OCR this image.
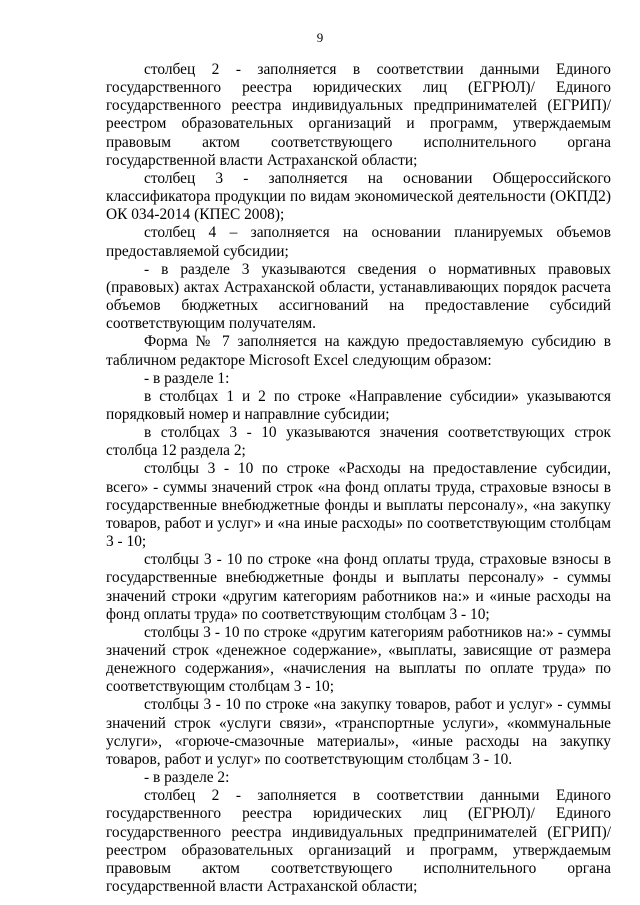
9

столбец 2 - заполняется в соответствии данными Единого государственного реестра юридических лиц (ЕГРЮЛ)/ Единого государственного реестра индивидуальных предпринимателей (ЕГРИП)/ реестром образовательных организаций и программ, утверждаемым правовым актом соответствующего исполнительного органа государственной власти Астраханской области;

столбец 3 - заполняется на основании Общероссийского классификатора продукции по видам экономической деятельности (ОКПД2) ОК 034-2014 (КПЕС 2008);

столбец 4 – заполняется на основании планируемых объемов предоставляемой субсидии;

- в разделе 3 указываются сведения о нормативных правовых (правовых) актах Астраханской области, устанавливающих порядок расчета объемов бюджетных ассигнований на предоставление субсидий соответствующим получателям.

Форма № 7 заполняется на каждую предоставляемую субсидию в табличном редакторе Microsoft Excel следующим образом:

- в разделе 1:

в столбцах 1 и 2 по строке «Направление субсидии» указываются порядковый номер и направлние субсидии;

в столбцах 3 - 10 указываются значения соответствующих строк столбца 12 раздела 2;

столбцы 3 - 10 по строке «Расходы на предоставление субсидии, всего» - суммы значений строк «на фонд оплаты труда, страховые взносы в государственные внебюджетные фонды и выплаты персоналу», «на закупку товаров, работ и услуг» и «на иные расходы» по соответствующим столбцам 3 - 10;

столбцы 3 - 10 по строке «на фонд оплаты труда, страховые взносы в государственные внебюджетные фонды и выплаты персоналу» - суммы значений строки «другим категориям работников на:» и «иные расходы на фонд оплаты труда» по соответствующим столбцам 3 - 10;

столбцы 3 - 10 по строке «другим категориям работников на:» - суммы значений строк «денежное содержание», «выплаты, зависящие от размера денежного содержания», «начисления на выплаты по оплате труда» по соответствующим столбцам 3 - 10;

столбцы 3 - 10 по строке «на закупку товаров, работ и услуг» - суммы значений строк «услуги связи», «транспортные услуги», «коммунальные услуги», «горюче-смазочные материалы», «иные расходы на закупку товаров, работ и услуг» по соответствующим столбцам 3 - 10.

- в разделе 2:

столбец 2 - заполняется в соответствии данными Единого государственного реестра юридических лиц (ЕГРЮЛ)/ Единого государственного реестра индивидуальных предпринимателей (ЕГРИП)/ реестром образовательных организаций и программ, утверждаемым правовым актом соответствующего исполнительного органа государственной власти Астраханской области;
